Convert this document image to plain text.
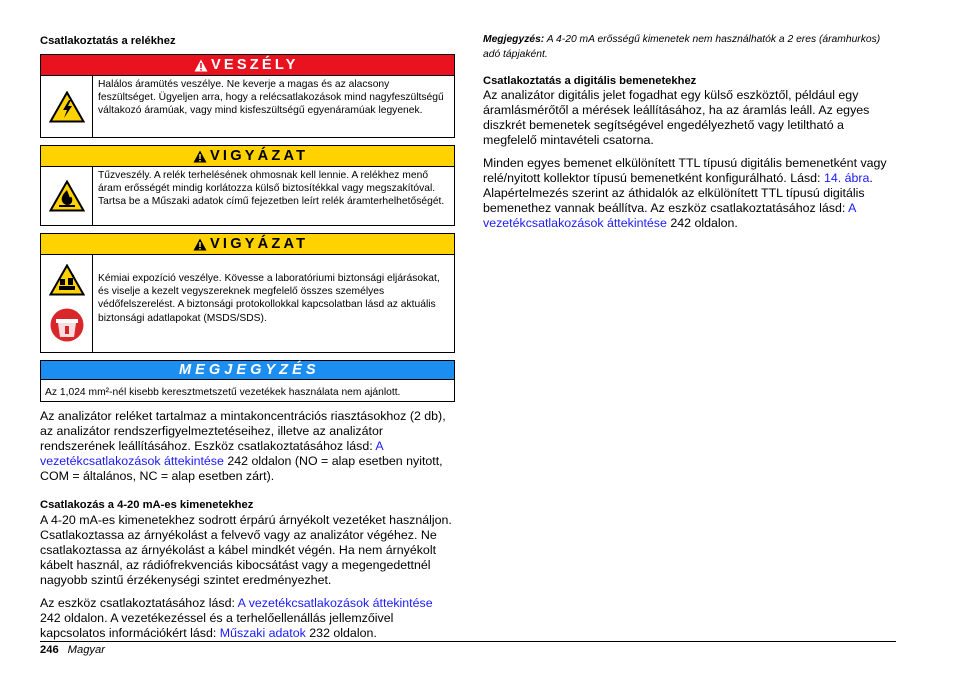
Csatlakoztatás a relékhez
VESZÉLY
Halálos áramütés veszélye. Ne keverje a magas és az alacsony feszültséget. Ügyeljen arra, hogy a relécsatlakozások mind nagyfeszültségű váltakozó áramúak, vagy mind kisfeszültségű egyenáramúak legyenek.
VIGYÁZAT
Tűzveszély. A relék terhelésének ohmosnak kell lennie. A relékhez menő áram erősségét mindig korlátozza külső biztosítékkal vagy megszakítóval. Tartsa be a Műszaki adatok című fejezetben leírt relék áramterhelhetőségét.
VIGYÁZAT
Kémiai expozíció veszélye. Kövesse a laboratóriumi biztonsági eljárásokat, és viselje a kezelt vegyszereknek megfelelő összes személyes védőfelszerelést. A biztonsági protokollokkal kapcsolatban lásd az aktuális biztonsági adatlapokat (MSDS/SDS).
MEGJEGYZÉS
Az 1,024 mm²-nél kisebb keresztmetszetű vezetékek használata nem ajánlott.

Az analizátor reléket tartalmaz a mintakoncentrációs riasztásokhoz (2 db), az analizátor rendszerfigyelmeztetéseihez, illetve az analizátor rendszerének leállításához. Eszköz csatlakoztatásához lásd: A vezetékcsatlakozások áttekintése 242 oldalon (NO = alap esetben nyitott, COM = általános, NC = alap esetben zárt).

Csatlakozás a 4-20 mA-es kimenetekhez

A 4-20 mA-es kimenetekhez sodrott érpárú árnyékolt vezetéket használjon. Csatlakoztassa az árnyékolást a felvevő vagy az analizátor végéhez. Ne csatlakoztassa az árnyékolást a kábel mindkét végén. Ha nem árnyékolt kábelt használ, az rádiófrekvenciás kibocsátást vagy a megengedettnél nagyobb szintű érzékenységi szintet eredményezhet.

Az eszköz csatlakoztatásához lásd: A vezetékcsatlakozások áttekintése 242 oldalon. A vezetékezéssel és a terhelőellenállás jellemzőivel kapcsolatos információkért lásd: Műszaki adatok 232 oldalon.

Megjegyzés: A 4-20 mA erősségű kimenetek nem használhatók a 2 eres (áramhurkos) adó tápjaként.

Csatlakoztatás a digitális bemenetekhez

Az analizátor digitális jelet fogadhat egy külső eszköztől, például egy áramlásmérőtől a mérések leállításához, ha az áramlás leáll. Az egyes diszkrét bemenetek segítségével engedélyezhető vagy letiltható a megfelelő mintavételi csatorna.

Minden egyes bemenet elkülönített TTL típusú digitális bemenetként vagy relé/nyitott kollektor típusú bemenetként konfigurálható. Lásd: 14. ábra. Alapértelmezés szerint az áthidalók az elkülönített TTL típusú digitális bemenethez vannak beállítva. Az eszköz csatlakoztatásához lásd: A vezetékcsatlakozások áttekintése 242 oldalon.

246 Magyar
